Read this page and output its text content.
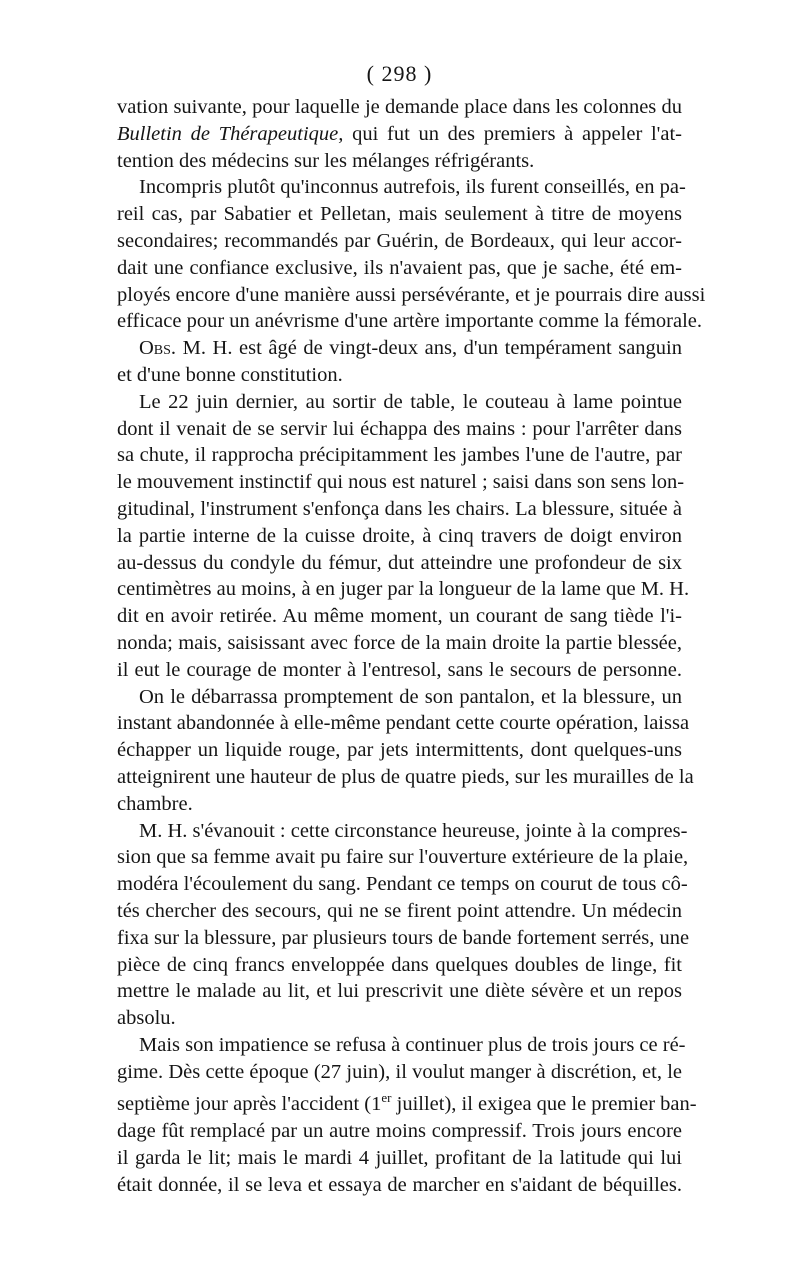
( 298 )
vation suivante, pour laquelle je demande place dans les colonnes du
Bulletin de Thérapeutique, qui fut un des premiers à appeler l'at-
tention des médecins sur les mélanges réfrigérants.
Incompris plutôt qu'inconnus autrefois, ils furent conseillés, en pa-
reil cas, par Sabatier et Pelletan, mais seulement à titre de moyens
secondaires; recommandés par Guérin, de Bordeaux, qui leur accor-
dait une confiance exclusive, ils n'avaient pas, que je sache, été em-
ployés encore d'une manière aussi persévérante, et je pourrais dire aussi
efficace pour un anévrisme d'une artère importante comme la fémorale.
Obs. M. H. est âgé de vingt-deux ans, d'un tempérament sanguin
et d'une bonne constitution.
Le 22 juin dernier, au sortir de table, le couteau à lame pointue
dont il venait de se servir lui échappa des mains : pour l'arrêter dans
sa chute, il rapprocha précipitamment les jambes l'une de l'autre, par
le mouvement instinctif qui nous est naturel ; saisi dans son sens lon-
gitudinal, l'instrument s'enfonça dans les chairs. La blessure, située à
la partie interne de la cuisse droite, à cinq travers de doigt environ
au-dessus du condyle du fémur, dut atteindre une profondeur de six
centimètres au moins, à en juger par la longueur de la lame que M. H.
dit en avoir retirée. Au même moment, un courant de sang tiède l'i-
nonda; mais, saisissant avec force de la main droite la partie blessée,
il eut le courage de monter à l'entresol, sans le secours de personne.
On le débarrassa promptement de son pantalon, et la blessure, un
instant abandonnée à elle-même pendant cette courte opération, laissa
échapper un liquide rouge, par jets intermittents, dont quelques-uns
atteignirent une hauteur de plus de quatre pieds, sur les murailles de la
chambre.
M. H. s'évanouit : cette circonstance heureuse, jointe à la compres-
sion que sa femme avait pu faire sur l'ouverture extérieure de la plaie,
modéra l'écoulement du sang. Pendant ce temps on courut de tous cô-
tés chercher des secours, qui ne se firent point attendre. Un médecin
fixa sur la blessure, par plusieurs tours de bande fortement serrés, une
pièce de cinq francs enveloppée dans quelques doubles de linge, fit
mettre le malade au lit, et lui prescrivit une diète sévère et un repos
absolu.
Mais son impatience se refusa à continuer plus de trois jours ce ré-
gime. Dès cette époque (27 juin), il voulut manger à discrétion, et, le
septième jour après l'accident (1er juillet), il exigea que le premier ban-
dage fût remplacé par un autre moins compressif. Trois jours encore
il garda le lit; mais le mardi 4 juillet, profitant de la latitude qui lui
était donnée, il se leva et essaya de marcher en s'aidant de béquilles.
